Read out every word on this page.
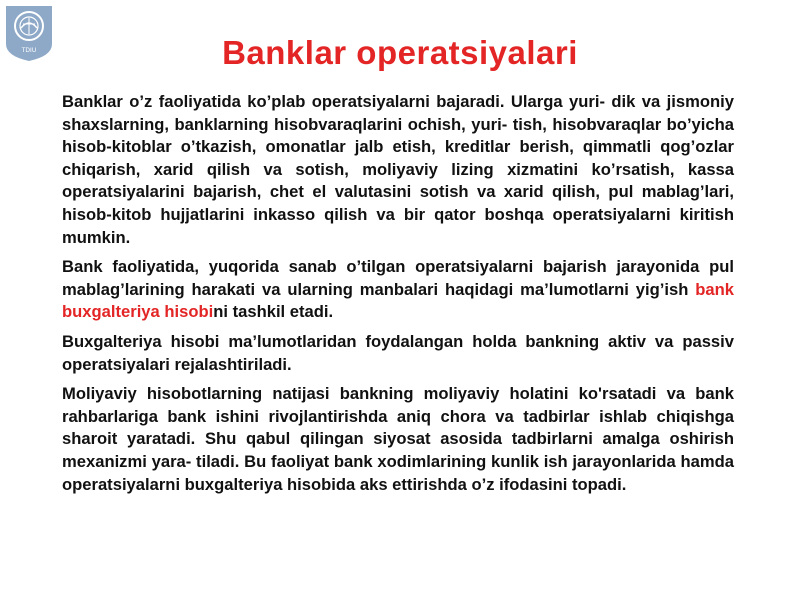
TDIU	Banklar operatsiyalari

Banklar o’z faoliyatida ko’plab operatsiyalarni bajaradi. Ularga yuri- dik va jismoniy shaxslarning, banklarning hisobvaraqlarini ochish, yuri- tish, hisobvaraqlar bo’yicha hisob-kitoblar o’tkazish, omonatlar jalb etish, kreditlar berish, qimmatli qog’ozlar chiqarish, xarid qilish va sotish, moliyaviy lizing xizmatini ko’rsatish, kassa operatsiyalarini bajarish, chet el valutasini sotish va xarid qilish, pul mablag’lari, hisob-kitob hujjatlarini inkasso qilish va bir qator boshqa operatsiyalarni kiritish mumkin.

Bank faoliyatida, yuqorida sanab o’tilgan operatsiyalarni bajarish jarayonida pul mablag’larining harakati va ularning manbalari haqidagi ma’lumotlarni yig’ish bank buxgalteriya hisobini tashkil etadi.

Buxgalteriya hisobi ma’lumotlaridan foydalangan holda bankning aktiv va passiv operatsiyalari rejalashtiriladi.

Moliyaviy hisobotlarning natijasi bankning moliyaviy holatini ko'rsatadi va bank rahbarlariga bank ishini rivojlantirishda aniq chora va tadbirlar ishlab chiqishga sharoit yaratadi. Shu qabul qilingan siyosat asosida tadbirlarni amalga oshirish mexanizmi yara- tiladi. Bu faoliyat bank xodimlarining kunlik ish jarayonlarida hamda operatsiyalarni buxgalteriya hisobida aks ettirishda o’z ifodasini topadi.
